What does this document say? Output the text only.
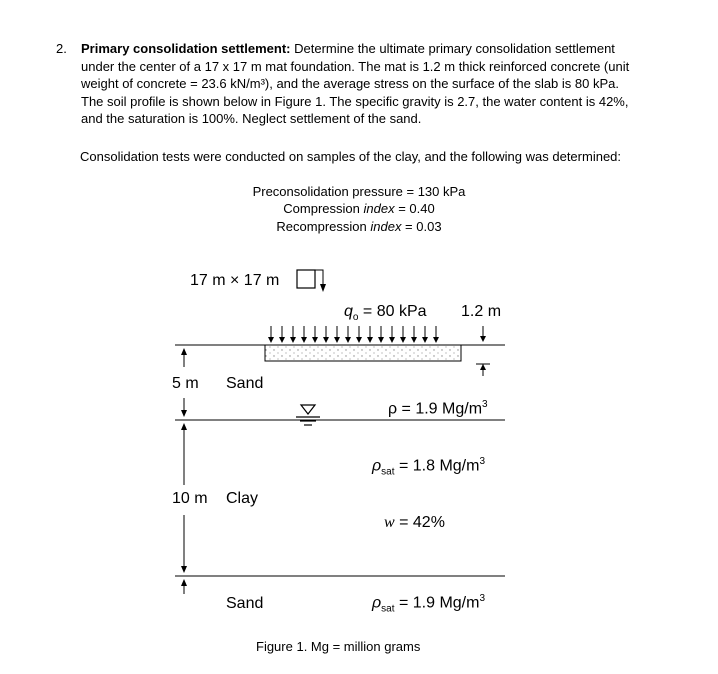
2. Primary consolidation settlement: Determine the ultimate primary consolidation settlement
under the center of a 17 x 17 m mat foundation. The mat is 1.2 m thick reinforced concrete (unit
weight of concrete = 23.6 kN/m³), and the average stress on the surface of the slab is 80 kPa.
The soil profile is shown below in Figure 1. The specific gravity is 2.7, the water content is 42%,
and the saturation is 100%. Neglect settlement of the sand.
Consolidation tests were conducted on samples of the clay, and the following was determined:
Preconsolidation pressure = 130 kPa
Compression index = 0.40
Recompression index = 0.03
17 m × 17 m
$q_o = 80$ kPa 1.2 m
5 m Sand
ρ = 1.9 $Mg/m^3$
$\rho_{sat} = 1.8$ $Mg/m^3$
10 m Clay
w = 42%
Sand	$\rho_{sat} = 1.9$ $Mg/m^3$
Figure 1. Mg = million grams
